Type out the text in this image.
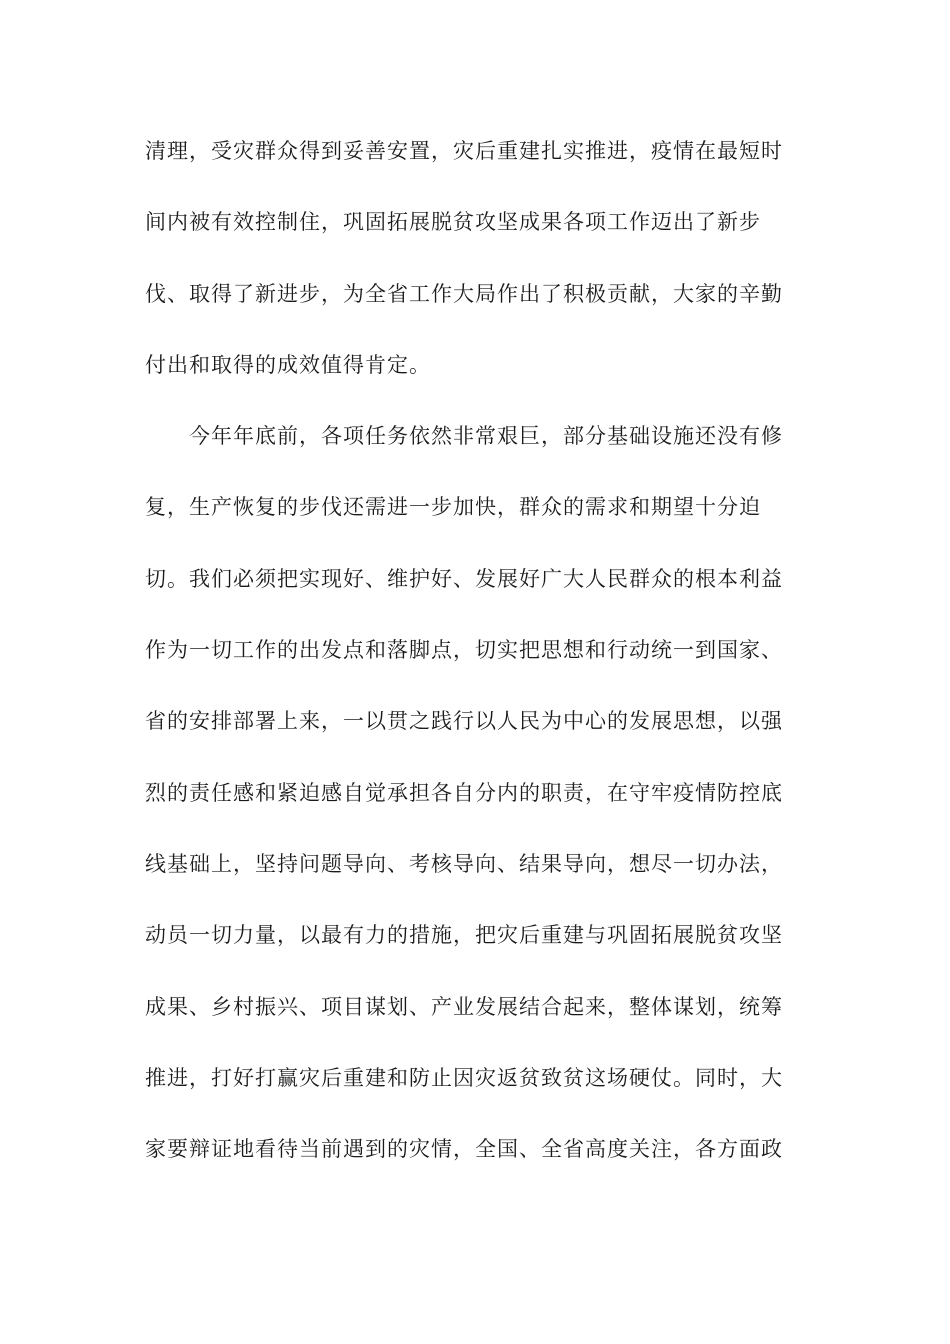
清理，受灾群众得到妥善安置，灾后重建扎实推进，疫情在最短时
间内被有效控制住，巩固拓展脱贫攻坚成果各项工作迈出了新步
伐、取得了新进步，为全省工作大局作出了积极贡献，大家的辛勤
付出和取得的成效值得肯定。
　　今年年底前，各项任务依然非常艰巨，部分基础设施还没有修
复，生产恢复的步伐还需进一步加快，群众的需求和期望十分迫
切。我们必须把实现好、维护好、发展好广大人民群众的根本利益
作为一切工作的出发点和落脚点，切实把思想和行动统一到国家、
省的安排部署上来，一以贯之践行以人民为中心的发展思想，以强
烈的责任感和紧迫感自觉承担各自分内的职责，在守牢疫情防控底
线基础上，坚持问题导向、考核导向、结果导向，想尽一切办法，
动员一切力量，以最有力的措施，把灾后重建与巩固拓展脱贫攻坚
成果、乡村振兴、项目谋划、产业发展结合起来，整体谋划，统筹
推进，打好打赢灾后重建和防止因灾返贫致贫这场硬仗。同时，大
家要辩证地看待当前遇到的灾情，全国、全省高度关注，各方面政
